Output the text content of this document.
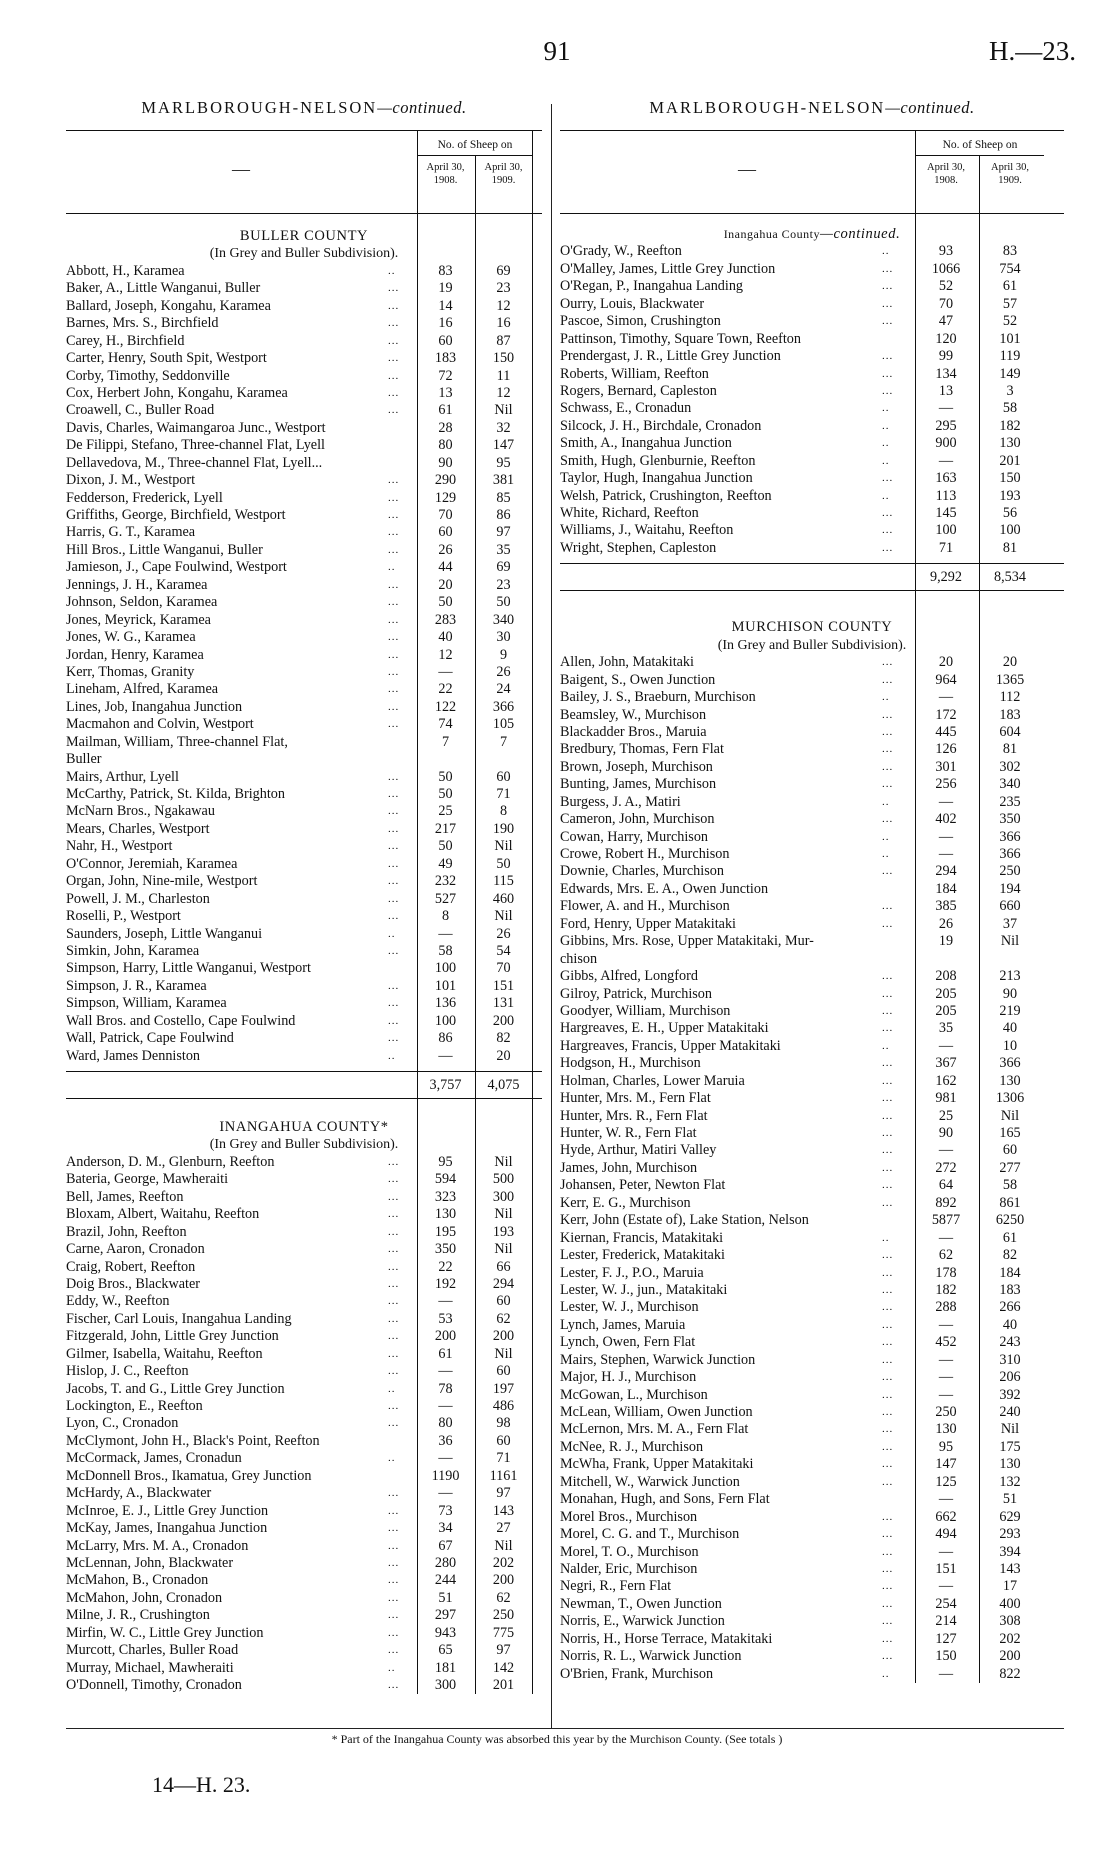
91	H.—23.
MARLBOROUGH-NELSON—continued.
—
No. of Sheep on
April 30,
1908.
April 30,
1909.
BULLER COUNTY
(In Grey and Buller Subdivision).
Abbott, H., Karamea	..	83	69
Baker, A., Little Wanganui, Buller	...	19	23
Ballard, Joseph, Kongahu, Karamea	...	14	12
Barnes, Mrs. S., Birchfield	...	16	16
Carey, H., Birchfield	...	60	87
Carter, Henry, South Spit, Westport	...	183	150
Corby, Timothy, Seddonville	...	72	11
Cox, Herbert John, Kongahu, Karamea	...	13	12
Croawell, C., Buller Road	...	61	Nil
Davis, Charles, Waimangaroa Junc., Westport	28	32
De Filippi, Stefano, Three-channel Flat, Lyell	80	147
Dellavedova, M., Three-channel Flat, Lyell...	90	95
Dixon, J. M., Westport	...	290	381
Fedderson, Frederick, Lyell	...	129	85
Griffiths, George, Birchfield, Westport	...	70	86
Harris, G. T., Karamea	...	60	97
Hill Bros., Little Wanganui, Buller	...	26	35
Jamieson, J., Cape Foulwind, Westport	..	44	69
Jennings, J. H., Karamea	...	20	23
Johnson, Seldon, Karamea	...	50	50
Jones, Meyrick, Karamea	...	283	340
Jones, W. G., Karamea	...	40	30
Jordan, Henry, Karamea	...	12	9
Kerr, Thomas, Granity	...	—	26
Lineham, Alfred, Karamea	...	22	24
Lines, Job, Inangahua Junction	...	122	366
Macmahon and Colvin, Westport	...	74	105
Mailman, William, Three-channel Flat,	7	7
Buller
Mairs, Arthur, Lyell	...	50	60
McCarthy, Patrick, St. Kilda, Brighton	...	50	71
McNarn Bros., Ngakawau	...	25	8
Mears, Charles, Westport	...	217	190
Nahr, H., Westport	...	50	Nil
O'Connor, Jeremiah, Karamea	...	49	50
Organ, John, Nine-mile, Westport	...	232	115
Powell, J. M., Charleston	...	527	460
Roselli, P., Westport	...	8	Nil
Saunders, Joseph, Little Wanganui	..	—	26
Simkin, John, Karamea	...	58	54
Simpson, Harry, Little Wanganui, Westport	100	70
Simpson, J. R., Karamea	...	101	151
Simpson, William, Karamea	...	136	131
Wall Bros. and Costello, Cape Foulwind	...	100	200
Wall, Patrick, Cape Foulwind	...	86	82
Ward, James Denniston	..	—	20
3,757	4,075
INANGAHUA COUNTY*
(In Grey and Buller Subdivision).
Anderson, D. M., Glenburn, Reefton	...	95	Nil
Bateria, George, Mawheraiti	...	594	500
Bell, James, Reefton	...	323	300
Bloxam, Albert, Waitahu, Reefton	...	130	Nil
Brazil, John, Reefton	...	195	193
Carne, Aaron, Cronadon	...	350	Nil
Craig, Robert, Reefton	...	22	66
Doig Bros., Blackwater	...	192	294
Eddy, W., Reefton	...	—	60
Fischer, Carl Louis, Inangahua Landing	...	53	62
Fitzgerald, John, Little Grey Junction	...	200	200
Gilmer, Isabella, Waitahu, Reefton	...	61	Nil
Hislop, J. C., Reefton	...	—	60
Jacobs, T. and G., Little Grey Junction	..	78	197
Lockington, E., Reefton	...	—	486
Lyon, C., Cronadon	...	80	98
McClymont, John H., Black's Point, Reefton	36	60
McCormack, James, Cronadun	..	—	71
McDonnell Bros., Ikamatua, Grey Junction	1190	1161
McHardy, A., Blackwater	...	—	97
McInroe, E. J., Little Grey Junction	...	73	143
McKay, James, Inangahua Junction	...	34	27
McLarry, Mrs. M. A., Cronadon	...	67	Nil
McLennan, John, Blackwater	...	280	202
McMahon, B., Cronadon	...	244	200
McMahon, John, Cronadon	...	51	62
Milne, J. R., Crushington	...	297	250
Mirfin, W. C., Little Grey Junction	...	943	775
Murcott, Charles, Buller Road	...	65	97
Murray, Michael, Mawheraiti	..	181	142
O'Donnell, Timothy, Cronadon	...	300	201
MARLBOROUGH-NELSON—continued.
—
No. of Sheep on
April 30,
1908.
April 30,
1909.
Inangahua County—continued.
O'Grady, W., Reefton	..	93	83
O'Malley, James, Little Grey Junction	...	1066	754
O'Regan, P., Inangahua Landing	...	52	61
Ourry, Louis, Blackwater	...	70	57
Pascoe, Simon, Crushington	...	47	52
Pattinson, Timothy, Square Town, Reefton	120	101
Prendergast, J. R., Little Grey Junction	...	99	119
Roberts, William, Reefton	...	134	149
Rogers, Bernard, Capleston	...	13	3
Schwass, E., Cronadun	..	—	58
Silcock, J. H., Birchdale, Cronadon	..	295	182
Smith, A., Inangahua Junction	..	900	130
Smith, Hugh, Glenburnie, Reefton	..	—	201
Taylor, Hugh, Inangahua Junction	...	163	150
Welsh, Patrick, Crushington, Reefton	..	113	193
White, Richard, Reefton	...	145	56
Williams, J., Waitahu, Reefton	...	100	100
Wright, Stephen, Capleston	...	71	81
9,292	8,534
MURCHISON COUNTY
(In Grey and Buller Subdivision).
Allen, John, Matakitaki	...	20	20
Baigent, S., Owen Junction	...	964	1365
Bailey, J. S., Braeburn, Murchison	..	—	112
Beamsley, W., Murchison	...	172	183
Blackadder Bros., Maruia	...	445	604
Bredbury, Thomas, Fern Flat	...	126	81
Brown, Joseph, Murchison	...	301	302
Bunting, James, Murchison	...	256	340
Burgess, J. A., Matiri	..	—	235
Cameron, John, Murchison	...	402	350
Cowan, Harry, Murchison	..	—	366
Crowe, Robert H., Murchison	..	—	366
Downie, Charles, Murchison	...	294	250
Edwards, Mrs. E. A., Owen Junction	184	194
Flower, A. and H., Murchison	...	385	660
Ford, Henry, Upper Matakitaki	...	26	37
Gibbins, Mrs. Rose, Upper Matakitaki, Mur-	19	Nil
chison
Gibbs, Alfred, Longford	...	208	213
Gilroy, Patrick, Murchison	...	205	90
Goodyer, William, Murchison	...	205	219
Hargreaves, E. H., Upper Matakitaki	...	35	40
Hargreaves, Francis, Upper Matakitaki	..	—	10
Hodgson, H., Murchison	...	367	366
Holman, Charles, Lower Maruia	...	162	130
Hunter, Mrs. M., Fern Flat	...	981	1306
Hunter, Mrs. R., Fern Flat	...	25	Nil
Hunter, W. R., Fern Flat	...	90	165
Hyde, Arthur, Matiri Valley	...	—	60
James, John, Murchison	...	272	277
Johansen, Peter, Newton Flat	...	64	58
Kerr, E. G., Murchison	...	892	861
Kerr, John (Estate of), Lake Station, Nelson	5877	6250
Kiernan, Francis, Matakitaki	..	—	61
Lester, Frederick, Matakitaki	...	62	82
Lester, F. J., P.O., Maruia	...	178	184
Lester, W. J., jun., Matakitaki	...	182	183
Lester, W. J., Murchison	...	288	266
Lynch, James, Maruia	...	—	40
Lynch, Owen, Fern Flat	...	452	243
Mairs, Stephen, Warwick Junction	...	—	310
Major, H. J., Murchison	...	—	206
McGowan, L., Murchison	...	—	392
McLean, William, Owen Junction	...	250	240
McLernon, Mrs. M. A., Fern Flat	...	130	Nil
McNee, R. J., Murchison	...	95	175
McWha, Frank, Upper Matakitaki	...	147	130
Mitchell, W., Warwick Junction	...	125	132
Monahan, Hugh, and Sons, Fern Flat	—	51
Morel Bros., Murchison	...	662	629
Morel, C. G. and T., Murchison	...	494	293
Morel, T. O., Murchison	...	—	394
Nalder, Eric, Murchison	...	151	143
Negri, R., Fern Flat	...	—	17
Newman, T., Owen Junction	...	254	400
Norris, E., Warwick Junction	...	214	308
Norris, H., Horse Terrace, Matakitaki	...	127	202
Norris, R. L., Warwick Junction	...	150	200
O'Brien, Frank, Murchison	..	—	822
* Part of the Inangahua County was absorbed this year by the Murchison County. (See totals )
14—H. 23.
